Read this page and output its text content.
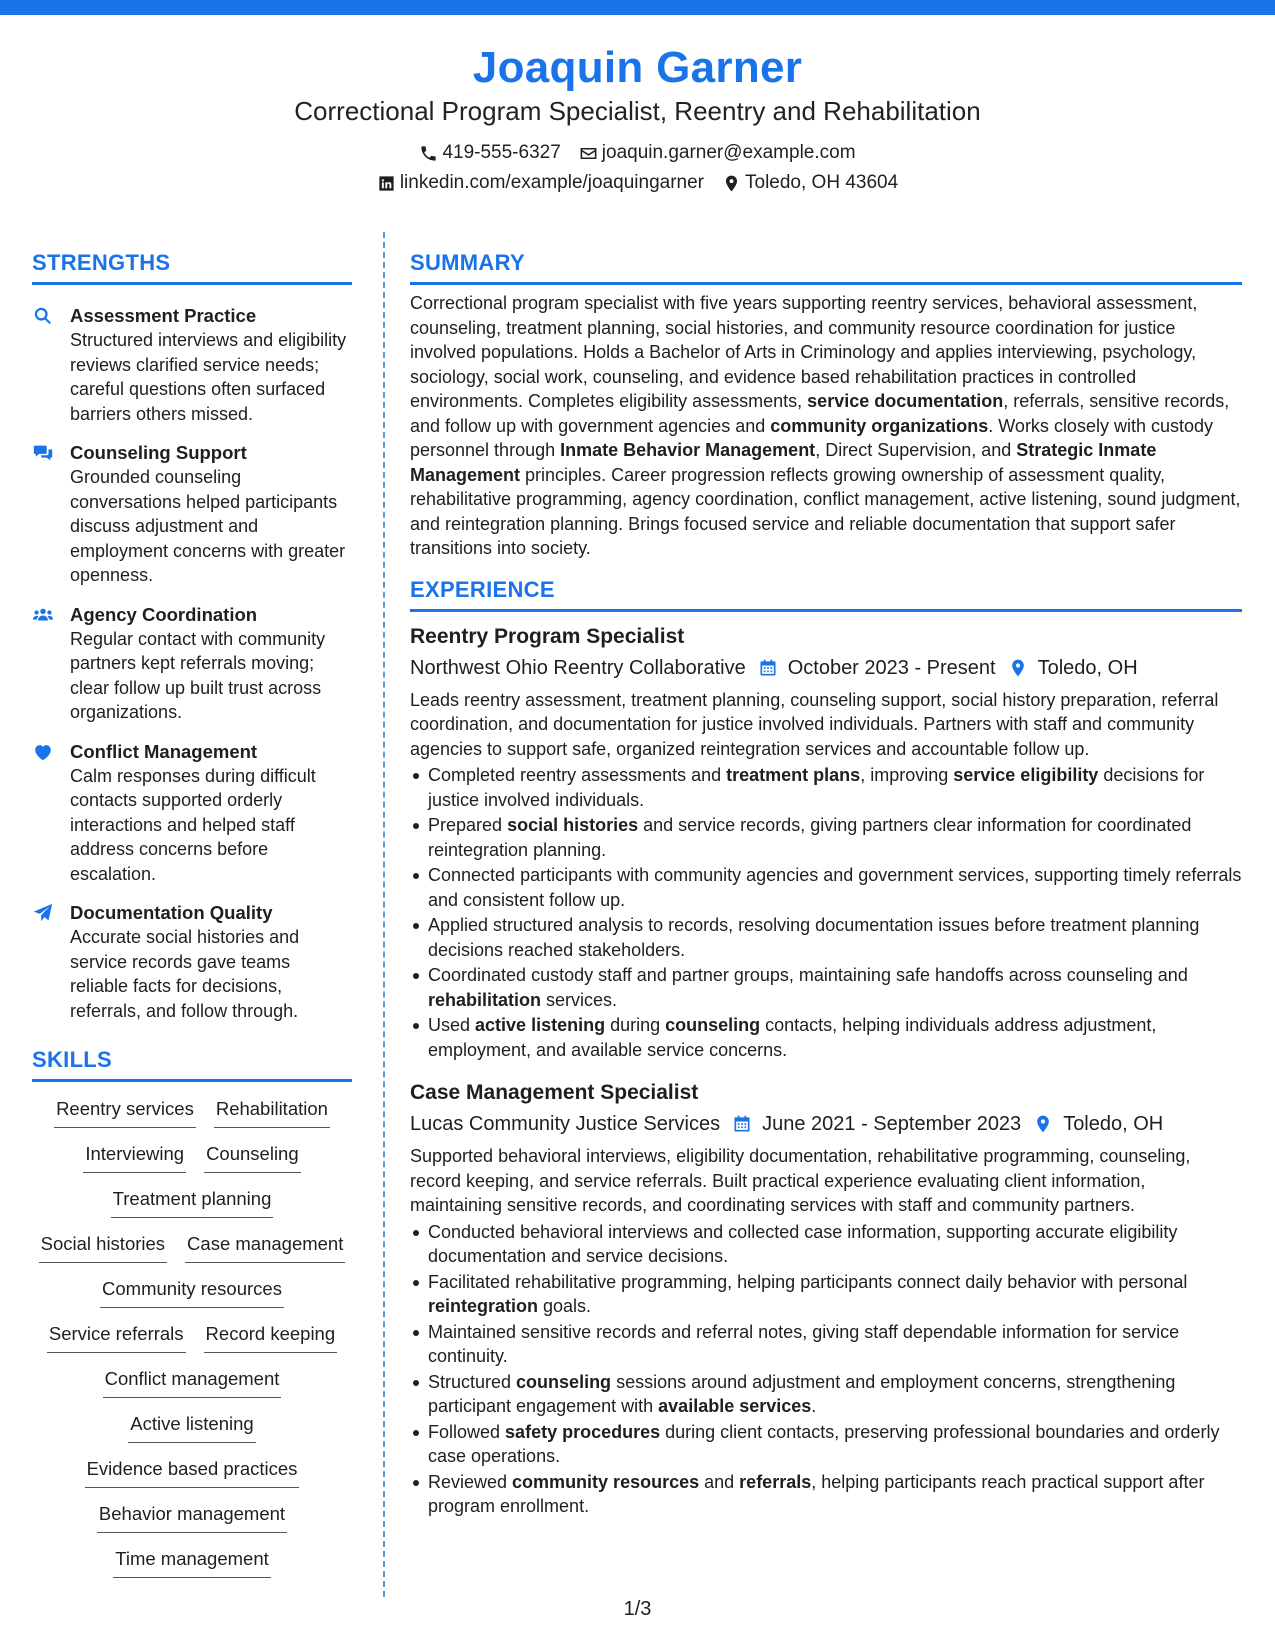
Joaquin Garner
Correctional Program Specialist, Reentry and Rehabilitation
419-555-6327 joaquin.garner@example.com
linkedin.com/example/joaquingarner Toledo, OH 43604
STRENGTHS
Assessment Practice
Structured interviews and eligibility reviews clarified service needs; careful questions often surfaced barriers others missed.
Counseling Support
Grounded counseling conversations helped participants discuss adjustment and employment concerns with greater openness.
Agency Coordination
Regular contact with community partners kept referrals moving; clear follow up built trust across organizations.
Conflict Management
Calm responses during difficult contacts supported orderly interactions and helped staff address concerns before escalation.
Documentation Quality
Accurate social histories and service records gave teams reliable facts for decisions, referrals, and follow through.
SKILLS
Reentry services Rehabilitation
Interviewing Counseling
Treatment planning
Social histories Case management
Community resources
Service referrals Record keeping
Conflict management
Active listening
Evidence based practices
Behavior management
Time management
SUMMARY

Correctional program specialist with five years supporting reentry services, behavioral assessment, counseling, treatment planning, social histories, and community resource coordination for justice involved populations. Holds a Bachelor of Arts in Criminology and applies interviewing, psychology, sociology, social work, counseling, and evidence based rehabilitation practices in controlled environments. Completes eligibility assessments, service documentation, referrals, sensitive records, and follow up with government agencies and community organizations. Works closely with custody personnel through Inmate Behavior Management, Direct Supervision, and Strategic Inmate Management principles. Career progression reflects growing ownership of assessment quality, rehabilitative programming, agency coordination, conflict management, active listening, sound judgment, and reintegration planning. Brings focused service and reliable documentation that support safer transitions into society.

EXPERIENCE
Reentry Program Specialist
Northwest Ohio Reentry Collaborative October 2023 - Present Toledo, OH
Leads reentry assessment, treatment planning, counseling support, social history preparation, referral coordination, and documentation for justice involved individuals. Partners with staff and community agencies to support safe, organized reintegration services and accountable follow up.
Completed reentry assessments and treatment plans, improving service eligibility decisions for justice involved individuals.
Prepared social histories and service records, giving partners clear information for coordinated reintegration planning.
Connected participants with community agencies and government services, supporting timely referrals and consistent follow up.
Applied structured analysis to records, resolving documentation issues before treatment planning decisions reached stakeholders.
Coordinated custody staff and partner groups, maintaining safe handoffs across counseling and rehabilitation services.
Used active listening during counseling contacts, helping individuals address adjustment, employment, and available service concerns.
Case Management Specialist
Lucas Community Justice Services June 2021 - September 2023 Toledo, OH
Supported behavioral interviews, eligibility documentation, rehabilitative programming, counseling, record keeping, and service referrals. Built practical experience evaluating client information, maintaining sensitive records, and coordinating services with staff and community partners.
Conducted behavioral interviews and collected case information, supporting accurate eligibility documentation and service decisions.
Facilitated rehabilitative programming, helping participants connect daily behavior with personal reintegration goals.
Maintained sensitive records and referral notes, giving staff dependable information for service continuity.
Structured counseling sessions around adjustment and employment concerns, strengthening participant engagement with available services.
Followed safety procedures during client contacts, preserving professional boundaries and orderly case operations.
Reviewed community resources and referrals, helping participants reach practical support after program enrollment.
1/3
